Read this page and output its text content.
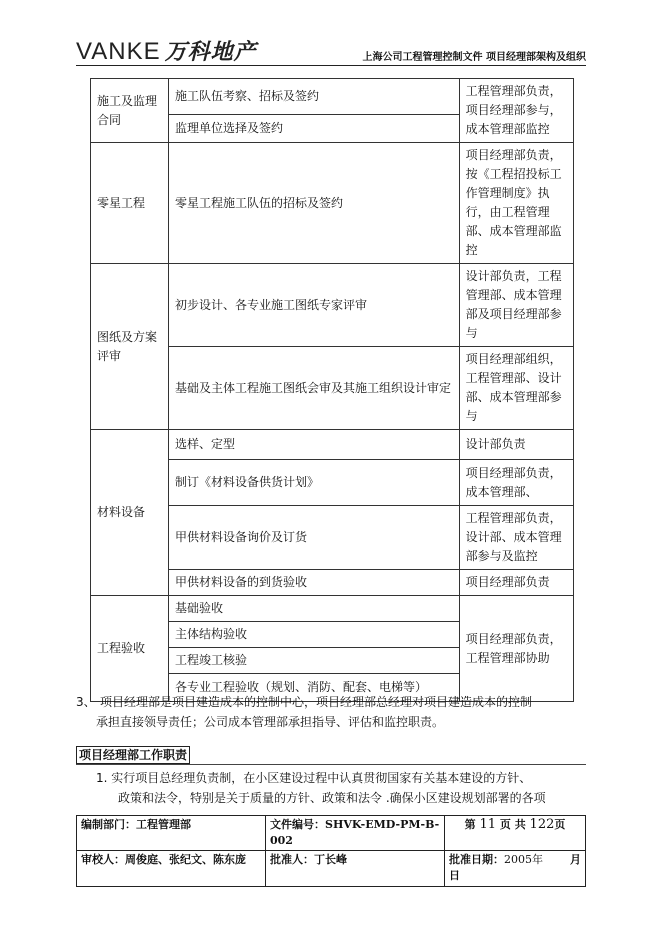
VANKE 万科地产	上海公司工程管理控制文件 项目经理部架构及组织
施工及监理合同	施工队伍考察、招标及签约	工程管理部负责，项目经理部参与，成本管理部监控
	监理单位选择及签约	
零星工程	零星工程施工队伍的招标及签约	项目经理部负责，按《工程招投标工作管理制度》执行，由工程管理部、成本管理部监控
图纸及方案评审	初步设计、各专业施工图纸专家评审	设计部负责，工程管理部、成本管理部及项目经理部参与
	基础及主体工程施工图纸会审及其施工组织设计审定	项目经理部组织，工程管理部、设计部、成本管理部参与
材料设备	选样、定型	设计部负责
	制订《材料设备供货计划》	项目经理部负责，成本管理部、
	甲供材料设备询价及订货	工程管理部负责，设计部、成本管理部参与及监控
	甲供材料设备的到货验收	项目经理部负责
工程验收	基础验收	项目经理部负责，工程管理部协助
	主体结构验收	
	工程竣工核验	
	各专业工程验收（规划、消防、配套、电梯等）	
3、 项目经理部是项目建造成本的控制中心，项目经理部总经理对项目建造成本的控制
承担直接领导责任；公司成本管理部承担指导、评估和监控职责。
项目经理部工作职责
1. 实行项目总经理负责制，在小区建设过程中认真贯彻国家有关基本建设的方针、
政策和法令，特别是关于质量的方针、政策和法令 .确保小区建设规划部署的各项
编制部门：工程管理部	文件编号：SHVK-EMD-PM-B-002	第 11 页 共 122页
审校人：周俊庭、张纪文、陈东庞	批准人：丁长峰	批准日期：2005年 月
日
